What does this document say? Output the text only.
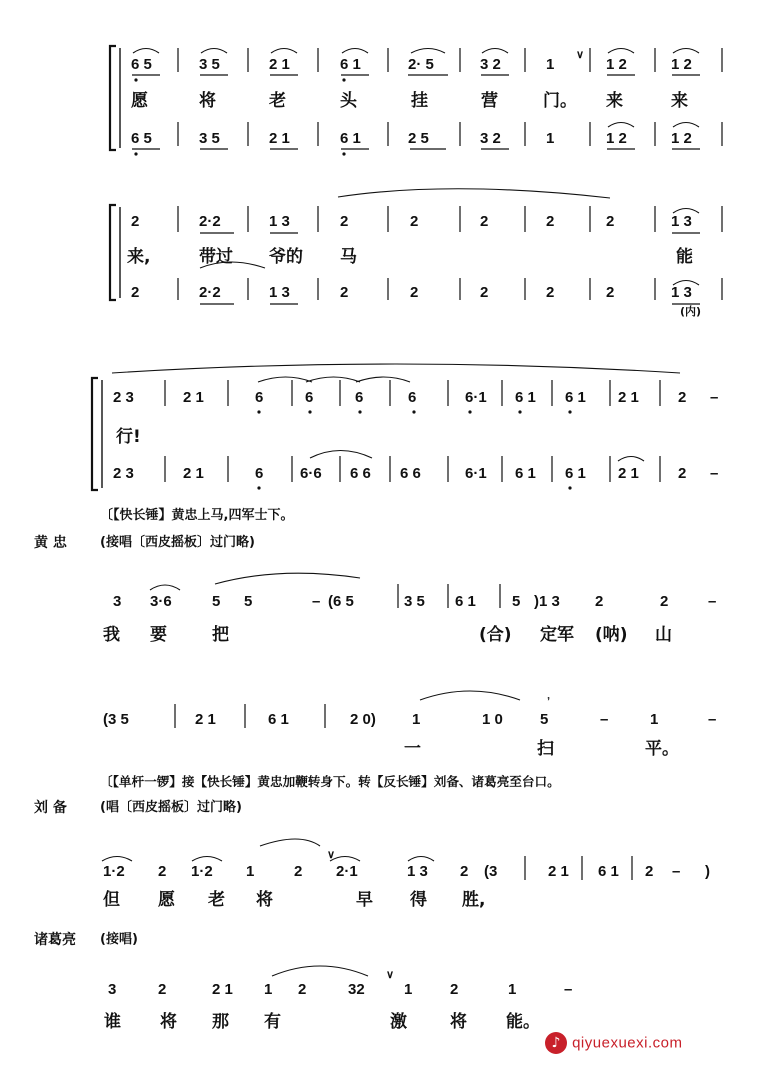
6 5	3 5	2 1	6 1	2· 5	3 2	1	1 2	1 2
愿	将	老	头	挂	营	门。 来	来
6 5	3 5	2 1	6 1	2 5	3 2	1	1 2	1 2
2	2·2	1 3	2	2	2	2	2	1 3
来,	带过 爷的 马	能
2	2·2	1 3	2	2	2	2	2	1 3
(内)
2 3	2 1	6	6	6	6	6·1 6 1 6 1 2 1	2 –
行!
2 3	2 1	6 6·6 6 6 6 6	6·1 6 1 6 1 2 1	2 –
〔【快长锤】黄忠上马,四军士下。
黄 忠	(接唱〔西皮摇板〕过门略)
3 3·6	5 5	– (6 5	3 5 6 1 5 )1 3 2	2	–
我 要	把	(合) 定军 (呐) 山
(3 5	2 1	6 1	2 0) 1	1 0 5	–	1	–
一	扫	平。
〔【单杆一锣】接【快长锤】黄忠加鞭转身下。转【反长锤】刘备、诸葛亮至台口。
刘 备	(唱〔西皮摇板〕过门略)
1·2 2 1·2 1	2 2·1	1 3 2 (3	2 1 6 1 2 – )
但 愿 老 将	早 得 胜,
诸葛亮 (接唱)
3	2	2 1 1 2	32	1	2	1	–
谁 将 那 有	激	将 能。
♪ qiyuexuexi.com
∨
ʼ
∨
∨
